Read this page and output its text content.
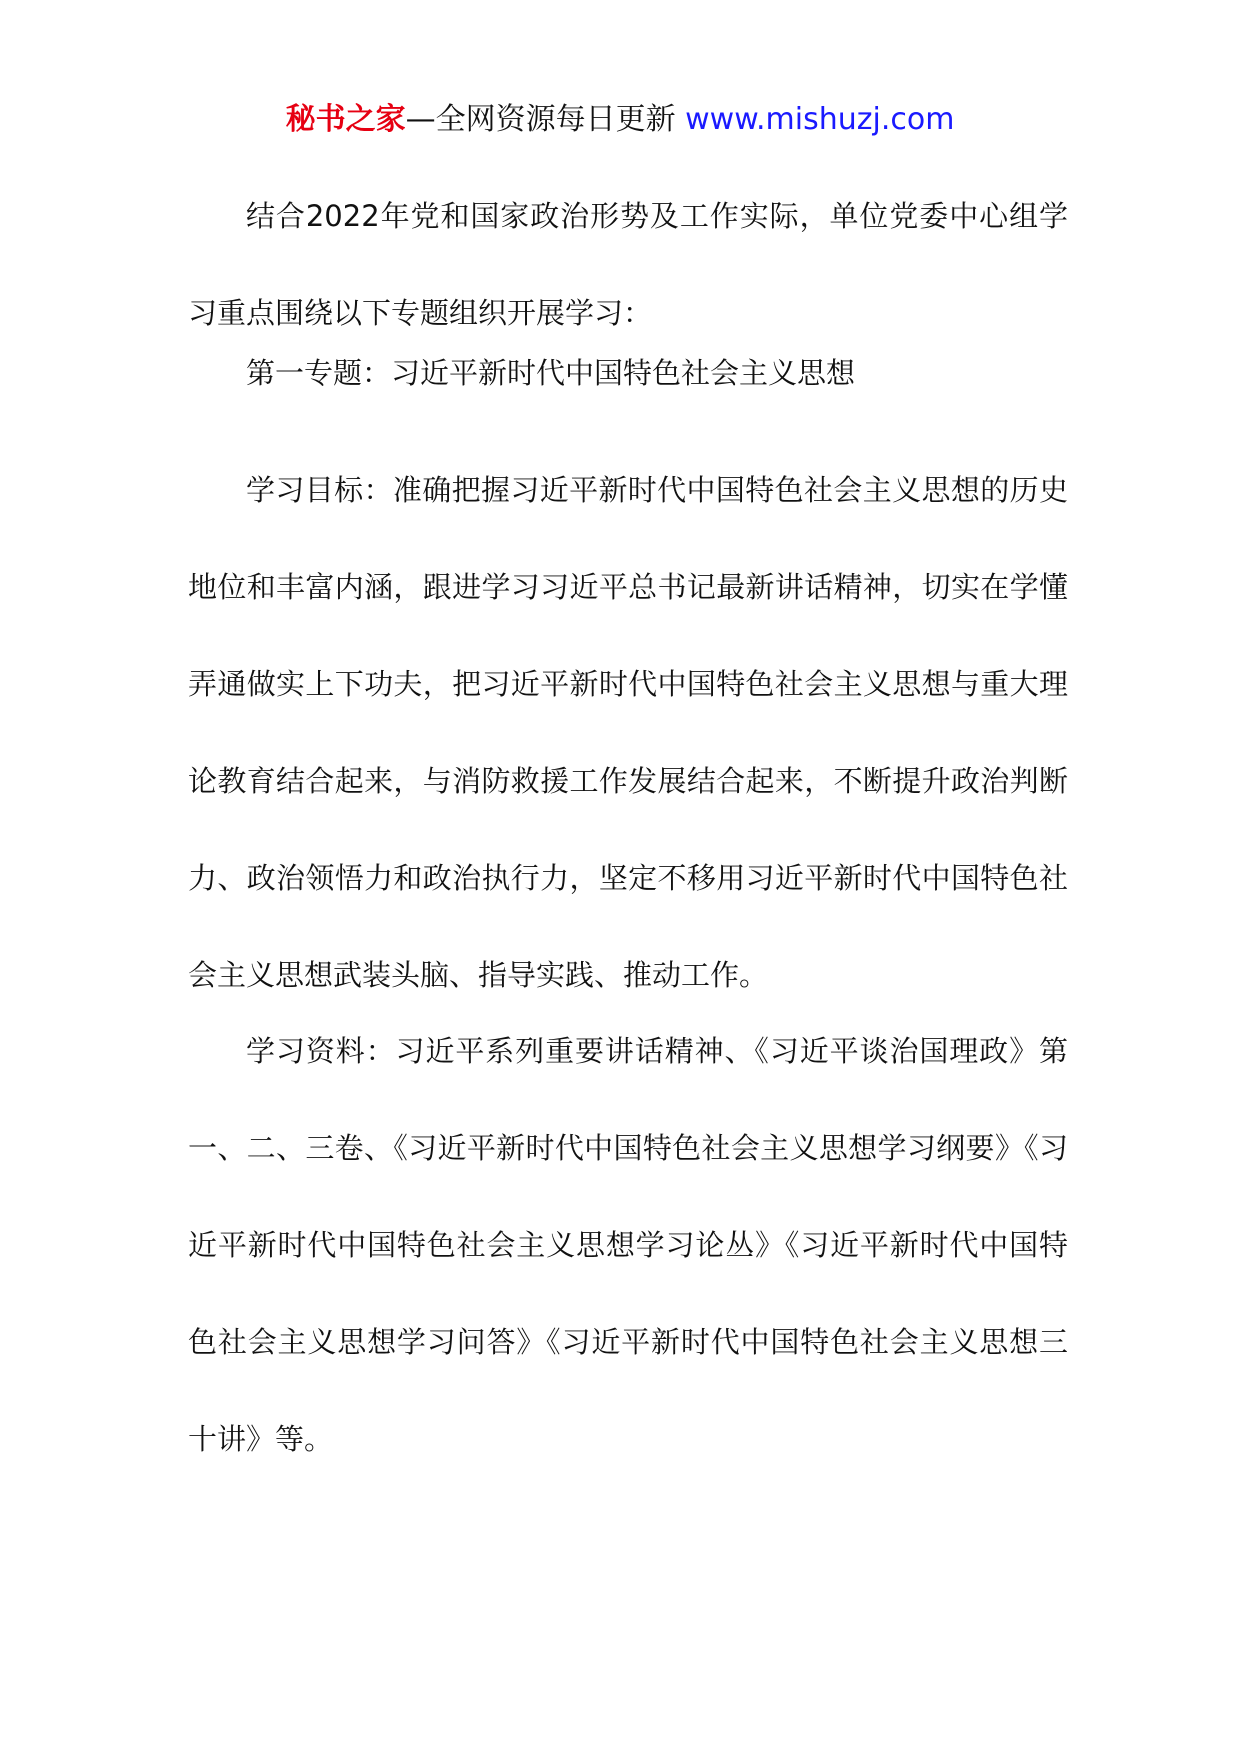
秘书之家—全网资源每日更新 www.mishuzj.com

结合2022年党和国家政治形势及工作实际，单位党委中心组学习重点围绕以下专题组织开展学习：

第一专题：习近平新时代中国特色社会主义思想

学习目标：准确把握习近平新时代中国特色社会主义思想的历史地位和丰富内涵，跟进学习习近平总书记最新讲话精神，切实在学懂弄通做实上下功夫，把习近平新时代中国特色社会主义思想与重大理论教育结合起来，与消防救援工作发展结合起来，不断提升政治判断力、政治领悟力和政治执行力，坚定不移用习近平新时代中国特色社会主义思想武装头脑、指导实践、推动工作。

学习资料：习近平系列重要讲话精神、《习近平谈治国理政》第一、二、三卷、《习近平新时代中国特色社会主义思想学习纲要》《习近平新时代中国特色社会主义思想学习论丛》《习近平新时代中国特色社会主义思想学习问答》《习近平新时代中国特色社会主义思想三十讲》等。
